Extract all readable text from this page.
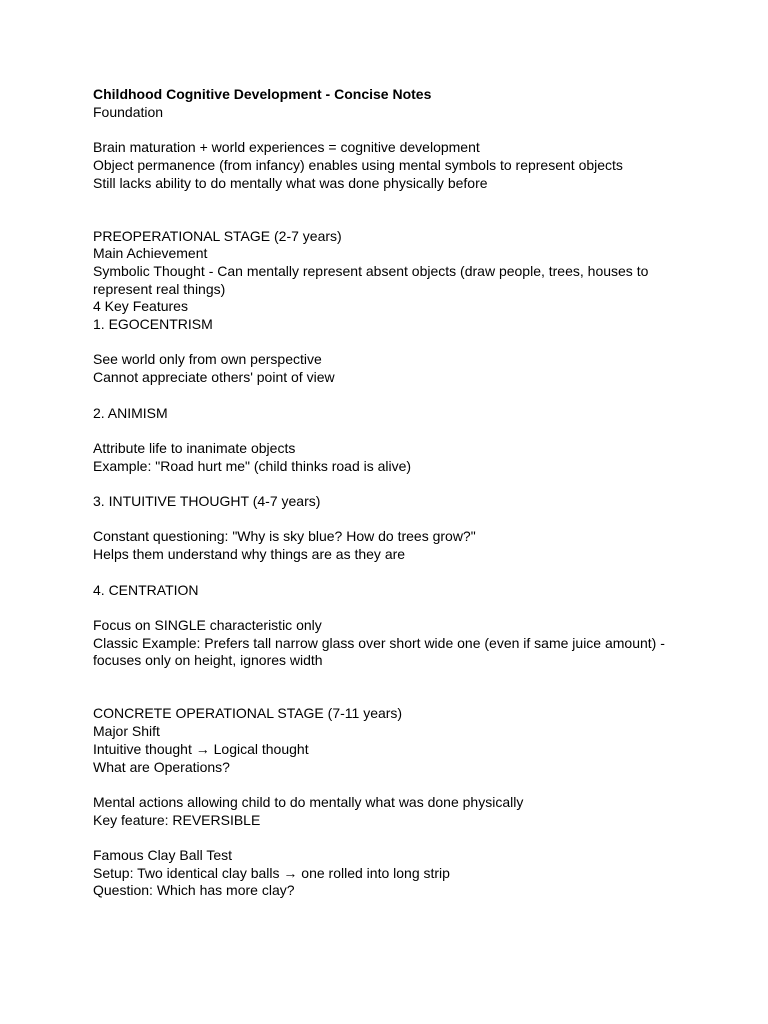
Childhood Cognitive Development - Concise Notes

Foundation

Brain maturation + world experiences = cognitive development

Object permanence (from infancy) enables using mental symbols to represent objects

Still lacks ability to do mentally what was done physically before

PREOPERATIONAL STAGE (2-7 years)

Main Achievement

Symbolic Thought - Can mentally represent absent objects (draw people, trees, houses to represent real things)

4 Key Features

1. EGOCENTRISM

See world only from own perspective

Cannot appreciate others' point of view

2. ANIMISM

Attribute life to inanimate objects

Example: "Road hurt me" (child thinks road is alive)

3. INTUITIVE THOUGHT (4-7 years)

Constant questioning: "Why is sky blue? How do trees grow?"

Helps them understand why things are as they are

4. CENTRATION

Focus on SINGLE characteristic only

Classic Example: Prefers tall narrow glass over short wide one (even if same juice amount) - focuses only on height, ignores width

CONCRETE OPERATIONAL STAGE (7-11 years)

Major Shift

Intuitive thought → Logical thought

What are Operations?

Mental actions allowing child to do mentally what was done physically

Key feature: REVERSIBLE

Famous Clay Ball Test

Setup: Two identical clay balls → one rolled into long strip

Question: Which has more clay?
